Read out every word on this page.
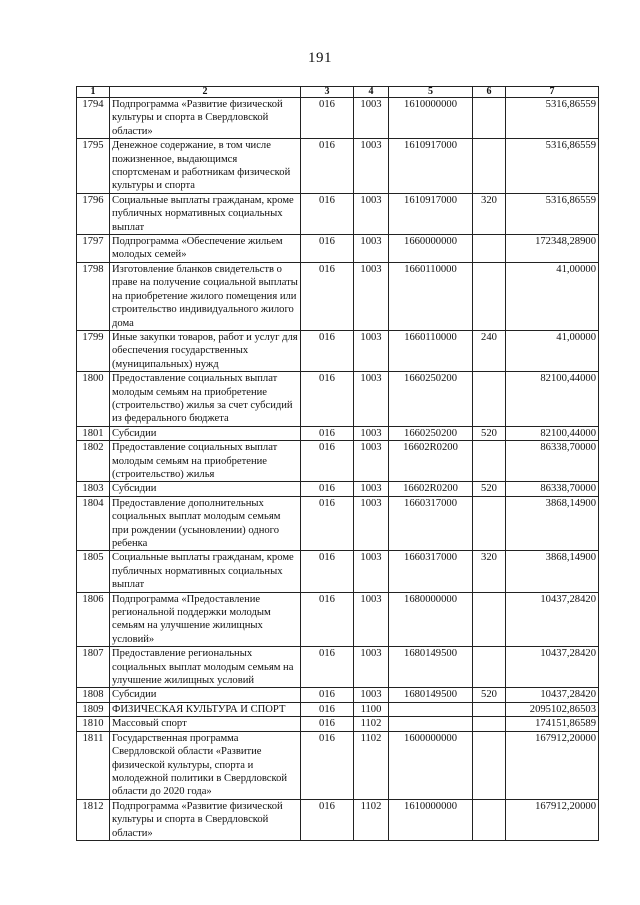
191
1	2	3	4	5	6	7
1794	Подпрограмма «Развитие физической культуры и спорта в Свердловской области»	016	1003	1610000000		5316,86559
1795	Денежное содержание, в том числе пожизненное, выдающимся спортсменам и работникам физической культуры и спорта	016	1003	1610917000		5316,86559
1796	Социальные выплаты гражданам, кроме публичных нормативных социальных выплат	016	1003	1610917000	320	5316,86559
1797	Подпрограмма «Обеспечение жильем молодых семей»	016	1003	1660000000		172348,28900
1798	Изготовление бланков свидетельств о праве на получение социальной выплаты на приобретение жилого помещения или строительство индивидуального жилого дома	016	1003	1660110000		41,00000
1799	Иные закупки товаров, работ и услуг для обеспечения государственных (муниципальных) нужд	016	1003	1660110000	240	41,00000
1800	Предоставление социальных выплат молодым семьям на приобретение (строительство) жилья за счет субсидий из федерального бюджета	016	1003	1660250200		82100,44000
1801	Субсидии	016	1003	1660250200	520	82100,44000
1802	Предоставление социальных выплат молодым семьям на приобретение (строительство) жилья	016	1003	16602R0200		86338,70000
1803	Субсидии	016	1003	16602R0200	520	86338,70000
1804	Предоставление дополнительных социальных выплат молодым семьям при рождении (усыновлении) одного ребенка	016	1003	1660317000		3868,14900
1805	Социальные выплаты гражданам, кроме публичных нормативных социальных выплат	016	1003	1660317000	320	3868,14900
1806	Подпрограмма «Предоставление региональной поддержки молодым семьям на улучшение жилищных условий»	016	1003	1680000000		10437,28420
1807	Предоставление региональных социальных выплат молодым семьям на улучшение жилищных условий	016	1003	1680149500		10437,28420
1808	Субсидии	016	1003	1680149500	520	10437,28420
1809	ФИЗИЧЕСКАЯ КУЛЬТУРА И СПОРТ	016	1100			2095102,86503
1810	Массовый спорт	016	1102			174151,86589
1811	Государственная программа Свердловской области «Развитие физической культуры, спорта и молодежной политики в Свердловской области до 2020 года»	016	1102	1600000000		167912,20000
1812	Подпрограмма «Развитие физической культуры и спорта в Свердловской области»	016	1102	1610000000		167912,20000
